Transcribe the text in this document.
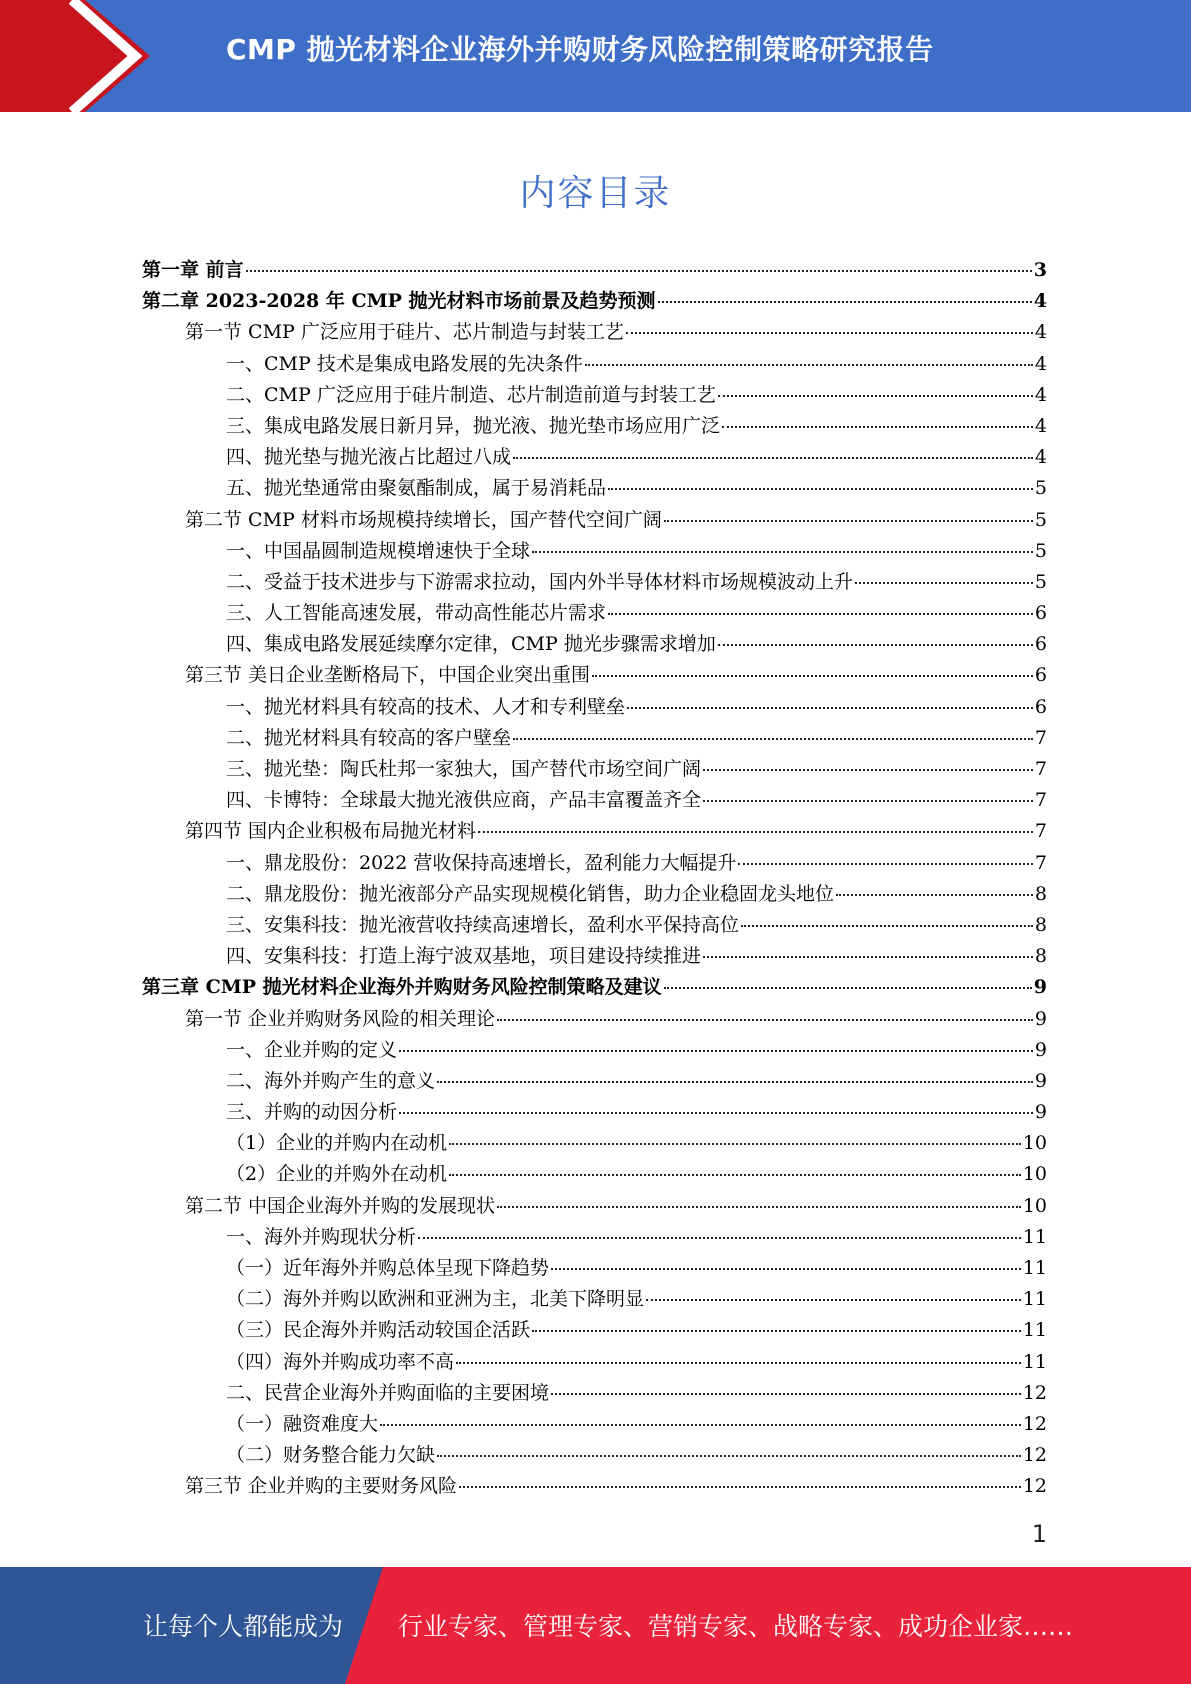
CMP 抛光材料企业海外并购财务风险控制策略研究报告
内容目录
第一章 前言	3
第二章 2023-2028 年 CMP 抛光材料市场前景及趋势预测	4
第一节 CMP 广泛应用于硅片、芯片制造与封装工艺	4
一、CMP 技术是集成电路发展的先决条件	4
二、CMP 广泛应用于硅片制造、芯片制造前道与封装工艺	4
三、集成电路发展日新月异，抛光液、抛光垫市场应用广泛	4
四、抛光垫与抛光液占比超过八成	4
五、抛光垫通常由聚氨酯制成，属于易消耗品	5
第二节 CMP 材料市场规模持续增长，国产替代空间广阔	5
一、中国晶圆制造规模增速快于全球	5
二、受益于技术进步与下游需求拉动，国内外半导体材料市场规模波动上升	5
三、人工智能高速发展，带动高性能芯片需求	6
四、集成电路发展延续摩尔定律，CMP 抛光步骤需求增加	6
第三节 美日企业垄断格局下，中国企业突出重围	6
一、抛光材料具有较高的技术、人才和专利壁垒	6
二、抛光材料具有较高的客户壁垒	7
三、抛光垫：陶氏杜邦一家独大，国产替代市场空间广阔	7
四、卡博特：全球最大抛光液供应商，产品丰富覆盖齐全	7
第四节 国内企业积极布局抛光材料	7
一、鼎龙股份：2022 营收保持高速增长，盈利能力大幅提升	7
二、鼎龙股份：抛光液部分产品实现规模化销售，助力企业稳固龙头地位	8
三、安集科技：抛光液营收持续高速增长，盈利水平保持高位	8
四、安集科技：打造上海宁波双基地，项目建设持续推进	8
第三章 CMP 抛光材料企业海外并购财务风险控制策略及建议	9
第一节 企业并购财务风险的相关理论	9
一、企业并购的定义	9
二、海外并购产生的意义	9
三、并购的动因分析	9
（1）企业的并购内在动机	10
（2）企业的并购外在动机	10
第二节 中国企业海外并购的发展现状	10
一、海外并购现状分析	11
（一）近年海外并购总体呈现下降趋势	11
（二）海外并购以欧洲和亚洲为主，北美下降明显	11
（三）民企海外并购活动较国企活跃	11
（四）海外并购成功率不高	11
二、民营企业海外并购面临的主要困境	12
（一）融资难度大	12
（二）财务整合能力欠缺	12
第三节 企业并购的主要财务风险	12
1
让每个人都能成为 行业专家、管理专家、营销专家、战略专家、成功企业家……
